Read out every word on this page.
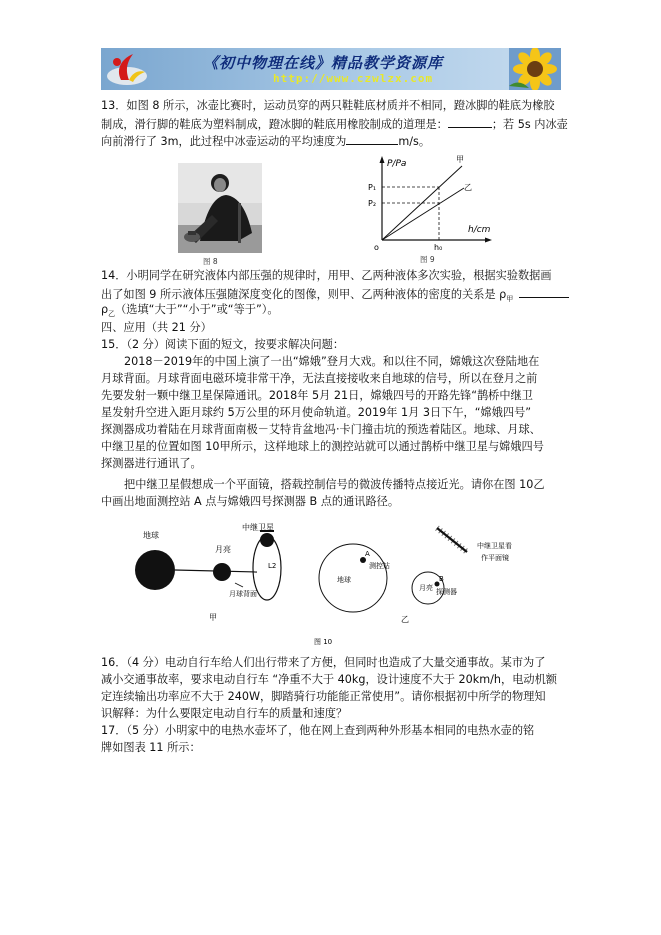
《初中物理在线》精品教学资源库
http://www.czwlzx.com
13．如图 8 所示，冰壶比赛时，运动员穿的两只鞋鞋底材质并不相同，蹬冰脚的鞋底为橡胶
制成，滑行脚的鞋底为塑料制成，蹬冰脚的鞋底用橡胶制成的道理是：	；若 5s 内冰壶
向前滑行了 3m，此过程中冰壶运动的平均速度为	m/s。
图 8
P/Pa
P₁
P₂
o	h₀
h/cm
甲
乙
图 9
14．小明同学在研究液体内部压强的规律时，用甲、乙两种液体多次实验，根据实验数据画
出了如图 9 所示液体压强随深度变化的图像，则甲、乙两种液体的密度的关系是 $\rho_甲$
$\rho_乙$（选填“大于”“小于”或“等于”）。
四、应用（共 21 分）
15．（2 分）阅读下面的短文，按要求解决问题：
2018－2019年的中国上演了一出“嫦娥”登月大戏。和以往不同，嫦娥这次登陆地在
月球背面。月球背面电磁环境非常干净，无法直接接收来自地球的信号，所以在登月之前
先要发射一颗中继卫星保障通讯。2018年 5月 21日，嫦娥四号的开路先锋“鹊桥中继卫
星发射升空进入距月球约 5万公里的环月使命轨道。2019年 1月 3日下午，“嫦娥四号”
探测器成功着陆在月球背面南极－艾特肯盆地冯·卡门撞击坑的预选着陆区。地球、月球、
中继卫星的位置如图 10甲所示，这样地球上的测控站就可以通过鹊桥中继卫星与嫦娥四号
探测器进行通讯了。
把中继卫星假想成一个平面镜，搭载控制信号的微波传播特点接近光。请你在图 10乙
中画出地面测控站 A 点与嫦娥四号探测器 B 点的通讯路径。
地球
月亮
中继卫星
L2
月球背面
甲
A
测控站
地球
月亮
B
探测器
中继卫星看
作平面镜
乙
图 10
16．（4 分）电动自行车给人们出行带来了方便，但同时也造成了大量交通事故。某市为了
减小交通事故率，要求电动自行车 “净重不大于 40kg，设计速度不大于 20km/h，电动机额
定连续输出功率应不大于 240W，脚踏骑行功能能正常使用”。请你根据初中所学的物理知
识解释：为什么要限定电动自行车的质量和速度？
17．（5 分）小明家中的电热水壶坏了，他在网上查到两种外形基本相同的电热水壶的铭
牌如图表 11 所示：
